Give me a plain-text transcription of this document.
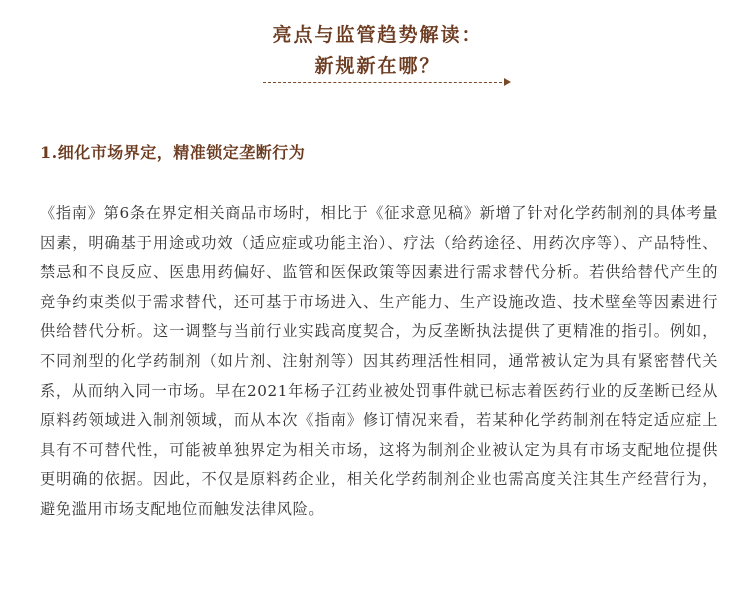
亮点与监管趋势解读：
新规新在哪？
1.细化市场界定，精准锁定垄断行为

《指南》第6条在界定相关商品市场时，相比于《征求意见稿》新增了针对化学药制剂的具体考量因素，明确基于用途或功效（适应症或功能主治）、疗法（给药途径、用药次序等）、产品特性、禁忌和不良反应、医患用药偏好、监管和医保政策等因素进行需求替代分析。若供给替代产生的竞争约束类似于需求替代，还可基于市场进入、生产能力、生产设施改造、技术壁垒等因素进行供给替代分析。这一调整与当前行业实践高度契合，为反垄断执法提供了更精准的指引。例如，不同剂型的化学药制剂（如片剂、注射剂等）因其药理活性相同，通常被认定为具有紧密替代关系，从而纳入同一市场。早在2021年杨子江药业被处罚事件就已标志着医药行业的反垄断已经从原料药领域进入制剂领域，而从本次《指南》修订情况来看，若某种化学药制剂在特定适应症上具有不可替代性，可能被单独界定为相关市场，这将为制剂企业被认定为具有市场支配地位提供更明确的依据。因此，不仅是原料药企业，相关化学药制剂企业也需高度关注其生产经营行为，避免滥用市场支配地位而触发法律风险。
